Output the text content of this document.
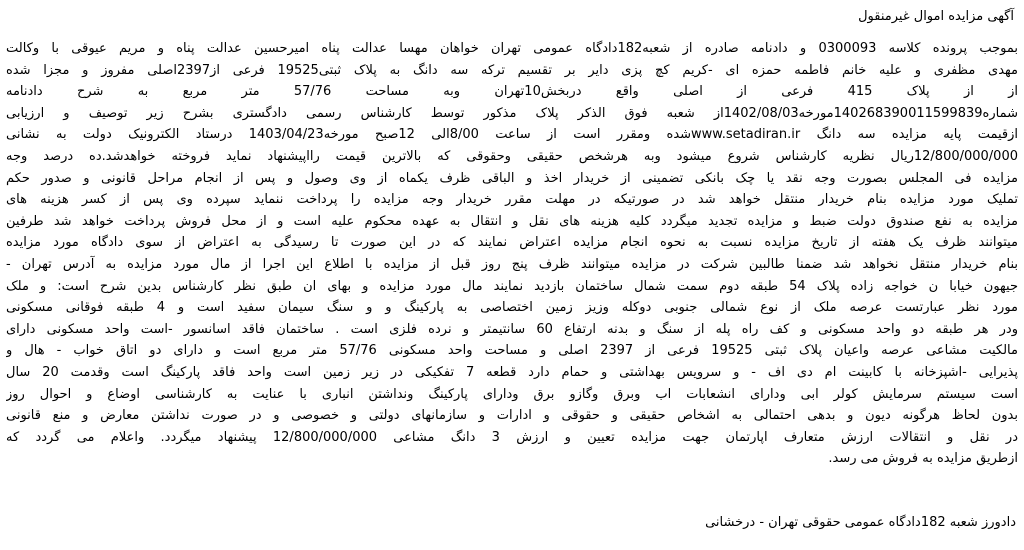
آگهی مزایده اموال غیرمنقول
بموجب پرونده کلاسه 0300093 و دادنامه صادره از شعبه182دادگاه عمومی تهران خواهان مهسا عدالت پناه امیرحسین عدالت پناه و مریم عیوقی با وکالت
مهدی مظفری و علیه خانم فاطمه حمزه ای -کریم کچ پزی دایر بر تقسیم ترکه سه دانگ به پلاک ثبتی19525 فرعی از2397اصلی مفروز و مجزا شده
از از پلاک 415 فرعی از اصلی واقع دربخش10تهران وبه مساحت 57/76 متر مربع به شرح دادنامه
شماره140268390011599839مورخه1402/08/03از شعبه فوق الذکر پلاک مذکور توسط کارشناس رسمی دادگستری بشرح زیر توصیف و ارزیابی
ازقیمت پایه مزایده سه دانگ www.setadiran.irشده ومقرر است از ساعت 8/00الی 12صبح مورخه1403/04/23 درستاد الکترونیک دولت به نشانی
12/800/000/000ریال نظریه کارشناس شروع میشود وبه هرشخص حقیقی وحقوقی که بالاترین قیمت رااپیشنهاد نماید فروخته خواهدشد.ده درصد وجه
مزایده فی المجلس بصورت وجه نقد یا چک بانکی تضمینی از خریدار اخذ و الباقی ظرف یکماه از وی وصول و پس از انجام مراحل قانونی و صدور حکم
تملیک مورد مزایده بنام خریدار منتقل خواهد شد در صورتیکه در مهلت مقرر خریدار وجه مزایده را پرداخت ننماید سپرده وی پس از کسر هزینه های
مزایده به نفع صندوق دولت ضبط و مزایده تجدید میگردد کلیه هزینه های نقل و انتقال به عهده محکوم علیه است و از محل فروش پرداخت خواهد شد طرفین
میتوانند ظرف یک هفته از تاریخ مزایده نسبت به نحوه انجام مزایده اعتراض نمایند که در این صورت تا رسیدگی به اعتراض از سوی دادگاه مورد مزایده
بنام خریدار منتقل نخواهد شد ضمنا طالبین شرکت در مزایده میتوانند ظرف پنج روز قبل از مزایده با اطلاع این اجرا از مال مورد مزایده به آدرس تهران -
جیهون خیابا ن خواجه زاده پلاک 54 طبقه دوم سمت شمال ساختمان بازدید نمایند مال مورد مزایده و بهای ان طبق نظر کارشناس بدین شرح است: و ملک
مورد نظر عبارتست عرصه ملک از نوع شمالی جنوبی دوکله وزیز زمین اختصاصی به پارکینگ و و سنگ سیمان سفید است و 4 طبقه فوقانی مسکونی
ودر هر طبقه دو واحد مسکونی و کف راه پله از سنگ و بدنه ارتفاع 60 سانتیمتر و نرده فلزی است . ساختمان فاقد اسانسور -است واحد مسکونی دارای
مالکیت مشاعی عرصه واعیان پلاک ثبتی 19525 فرعی از 2397 اصلی و مساحت واحد مسکونی 57/76 متر مربع است و دارای دو اتاق خواب - هال و
پذیرایی -اشپزخانه با کابینت ام دی اف - و سرویس بهداشتی و حمام دارد قطعه 7 تفکیکی در زیر زمین است واحد فاقد پارکینگ است وقدمت 20 سال
است سیستم سرمایش کولر ابی ودارای انشعابات اب وبرق وگازو برق ودارای پارکینگ ونداشتن انباری با عنایت به کارشناسی اوضاع و احوال روز
بدون لحاظ هرگونه دیون و بدهی احتمالی به اشخاص حقیقی و حقوقی و ادارات و سازمانهای دولتی و خصوصی و در صورت نداشتن معارض و منع قانونی
در نقل و انتقالات ارزش متعارف اپارتمان جهت مزایده تعیین و ارزش 3 دانگ مشاعی 12/800/000/000 پیشنهاد میگردد. واعلام می گردد که
ازطریق مزایده به فروش می رسد.
دادورز شعبه 182دادگاه عمومی حقوقی تهران - درخشانی
